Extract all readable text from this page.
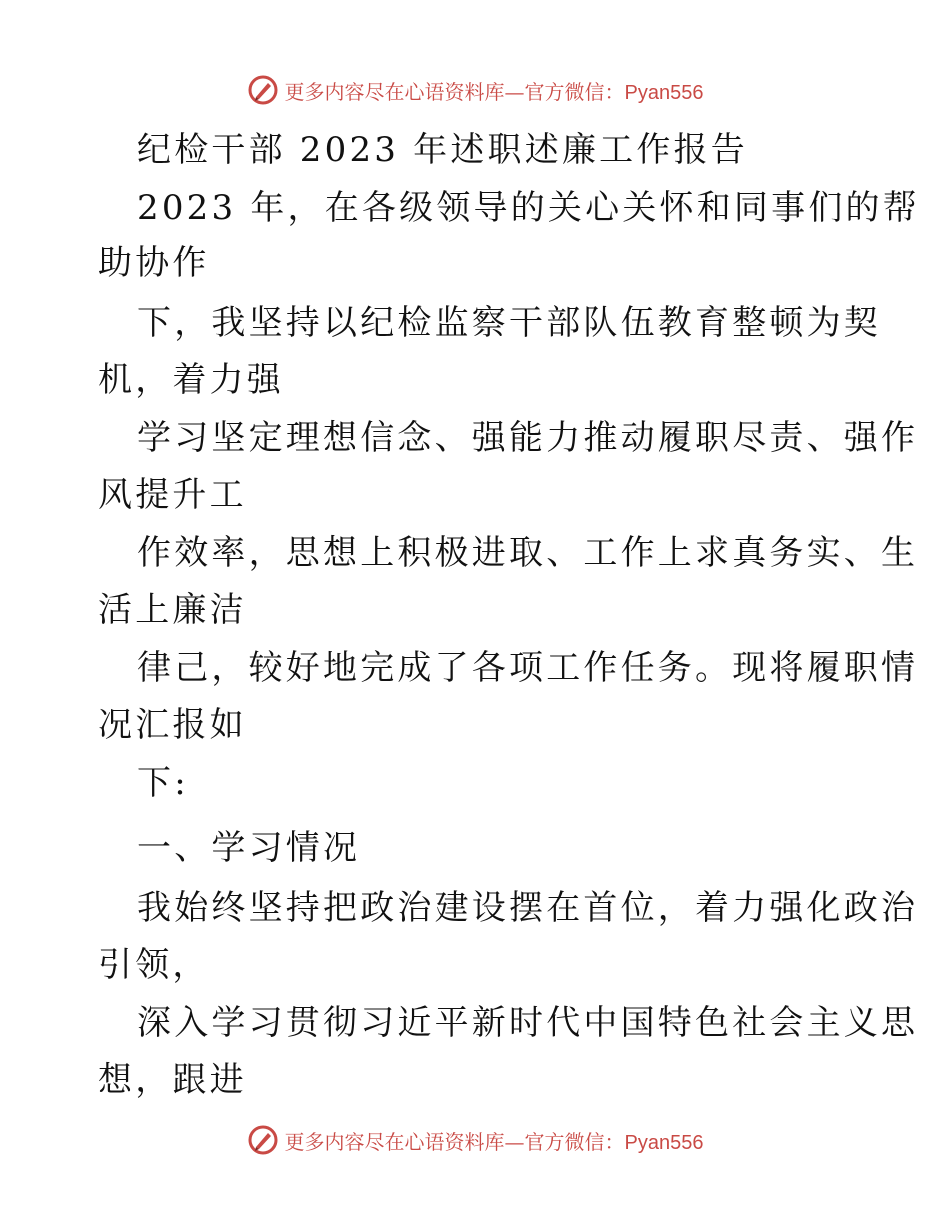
更多内容尽在心语资料库—官方微信：Pyan556
纪检干部 2023 年述职述廉工作报告
2023 年，在各级领导的关心关怀和同事们的帮
助协作
下，我坚持以纪检监察干部队伍教育整顿为契
机，着力强
学习坚定理想信念、强能力推动履职尽责、强作
风提升工
作效率，思想上积极进取、工作上求真务实、生
活上廉洁
律己，较好地完成了各项工作任务。现将履职情
况汇报如
下:
一、学习情况
我始终坚持把政治建设摆在首位，着力强化政治
引领，
深入学习贯彻习近平新时代中国特色社会主义思
想，跟进
更多内容尽在心语资料库—官方微信：Pyan556
